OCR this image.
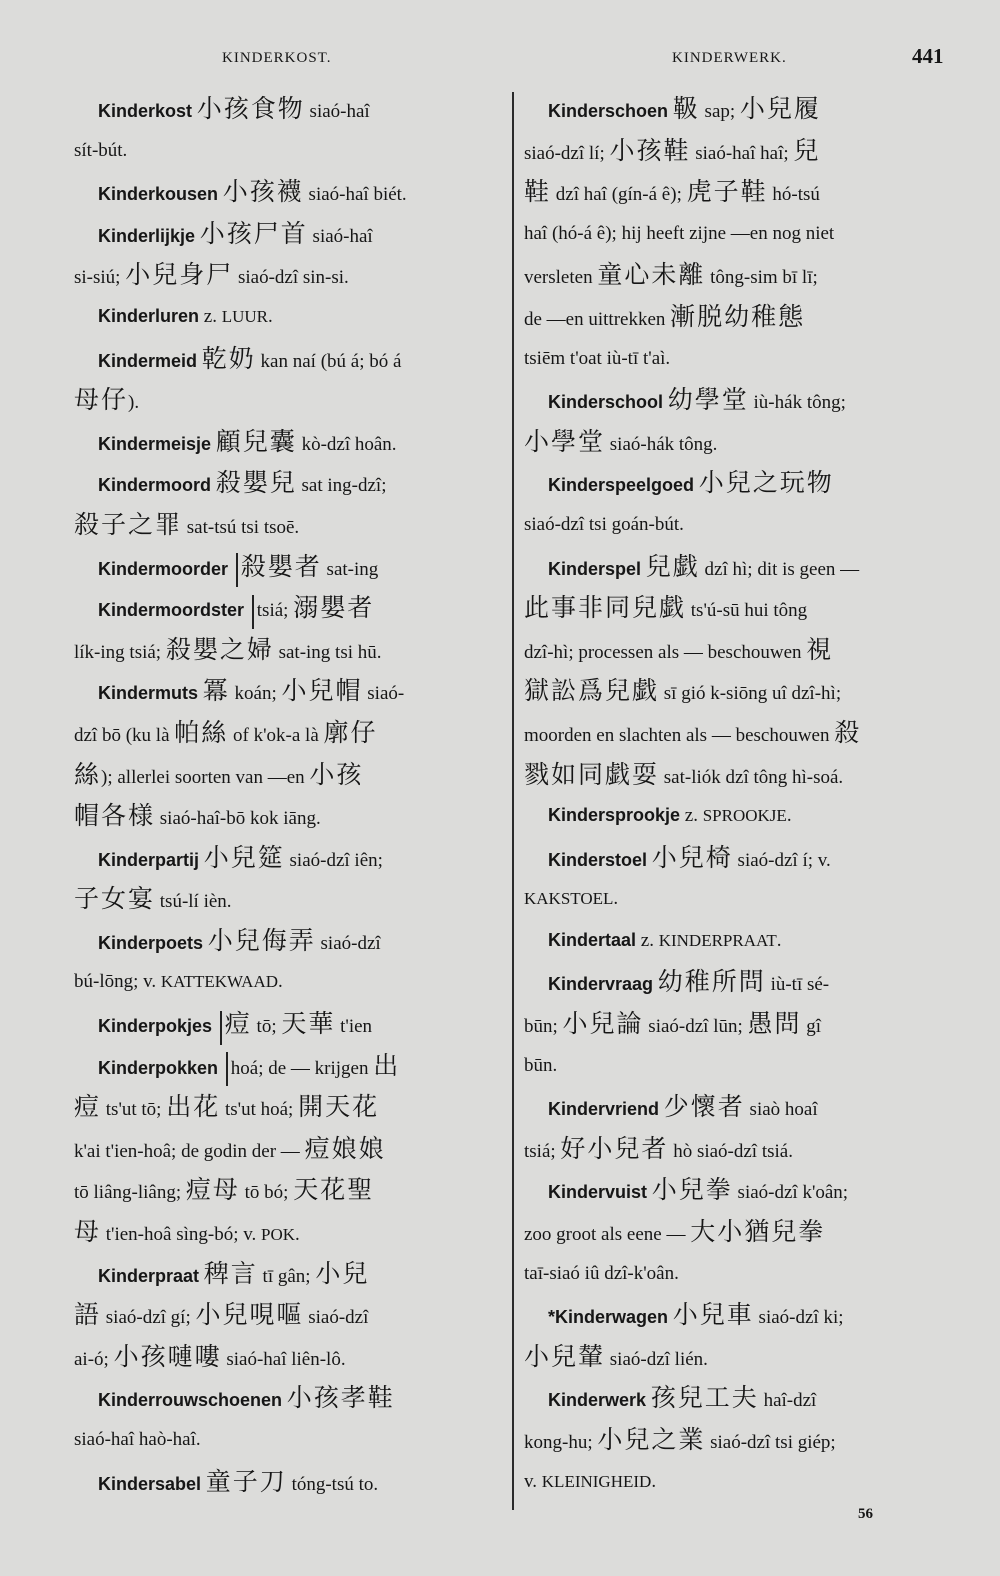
KINDERKOST.	KINDERWERK.	441
Kinderkost 小孩食物 siaó-haî
sít-bút.
Kinderkousen 小孩襪 siaó-haî biét.
Kinderlijkje 小孩尸首 siaó-haî
si-siú; 小兒身尸 siaó-dzî sin-si.
Kinderluren z. LUUR.
Kindermeid 乾奶 kan naí (bú á; bó á
母仔).
Kindermeisje 顧兒囊 kò-dzî hoân.
Kindermoord 殺嬰兒 sat ing-dzî;
殺子之罪 sat-tsú tsi tsoē.
Kindermoorder 殺嬰者 sat-ing
Kindermoordster tsiá; 溺嬰者
lík-ing tsiá; 殺嬰之婦 sat-ing tsi hū.
Kindermuts 冪 koán; 小兒帽 siaó-
dzî bō (ku là 帕絲 of k'ok-a là 廓仔
絲); allerlei soorten van —en 小孩
帽各様 siaó-haî-bō kok iāng.
Kinderpartij 小兒筵 siaó-dzî iên;
子女宴 tsú-lí ièn.
Kinderpoets 小兒侮弄 siaó-dzî
bú-lōng; v. KATTEKWAAD.
Kinderpokjes 痘 tō; 天華 t'ien
Kinderpokken hoá; de — krijgen 出
痘 ts'ut tō; 出花 ts'ut hoá; 開天花
k'ai t'ien-hoâ; de godin der — 痘娘娘
tō liâng-liâng; 痘母 tō bó; 天花聖
母 t'ien-hoâ sìng-bó; v. POK.
Kinderpraat 稗言 tī gân; 小兒
語 siaó-dzî gí; 小兒哯嘔 siaó-dzî
ai-ó; 小孩嗹嘍 siaó-haî liên-lô.
Kinderrouwschoenen 小孩孝鞋
siaó-haî haò-haî.
Kindersabel 童子刀 tóng-tsú to.
Kinderschoen 靸 sap; 小兒履
siaó-dzî lí; 小孩鞋 siaó-haî haî; 兒
鞋 dzî haî (gín-á ê); 虎子鞋 hó-tsú
haî (hó-á ê); hij heeft zijne —en nog niet
versleten 童心未離 tông-sim bī lī;
de —en uittrekken 漸脱幼稚態
tsiēm t'oat iù-tī t'aì.
Kinderschool 幼學堂 iù-hák tông;
小學堂 siaó-hák tông.
Kinderspeelgoed 小兒之玩物
siaó-dzî tsi goán-bút.
Kinderspel 兒戯 dzî hì; dit is geen —
此事非同兒戯 ts'ú-sū hui tông
dzî-hì; processen als — beschouwen 視
獄訟爲兒戯 sī gió k-siōng uî dzî-hì;
moorden en slachten als — beschouwen 殺
戮如同戯耍 sat-liók dzî tông hì-soá.
Kindersprookje z. SPROOKJE.
Kinderstoel 小兒椅 siaó-dzî í; v.
KAKSTOEL.
Kindertaal z. KINDERPRAAT.
Kindervraag 幼稚所問 iù-tī sé-
būn; 小兒論 siaó-dzî lūn; 愚問 gî
būn.
Kindervriend 少懷者 siaò hoaî
tsiá; 好小兒者 hò siaó-dzî tsiá.
Kindervuist 小兒拳 siaó-dzî k'oân;
zoo groot als eene — 大小猶兒拳
taī-siaó iû dzî-k'oân.
*Kinderwagen 小兒車 siaó-dzî ki;
小兒輦 siaó-dzî lién.
Kinderwerk 孩兒工夫 haî-dzî
kong-hu; 小兒之業 siaó-dzî tsi giép;
v. KLEINIGHEID.
56
